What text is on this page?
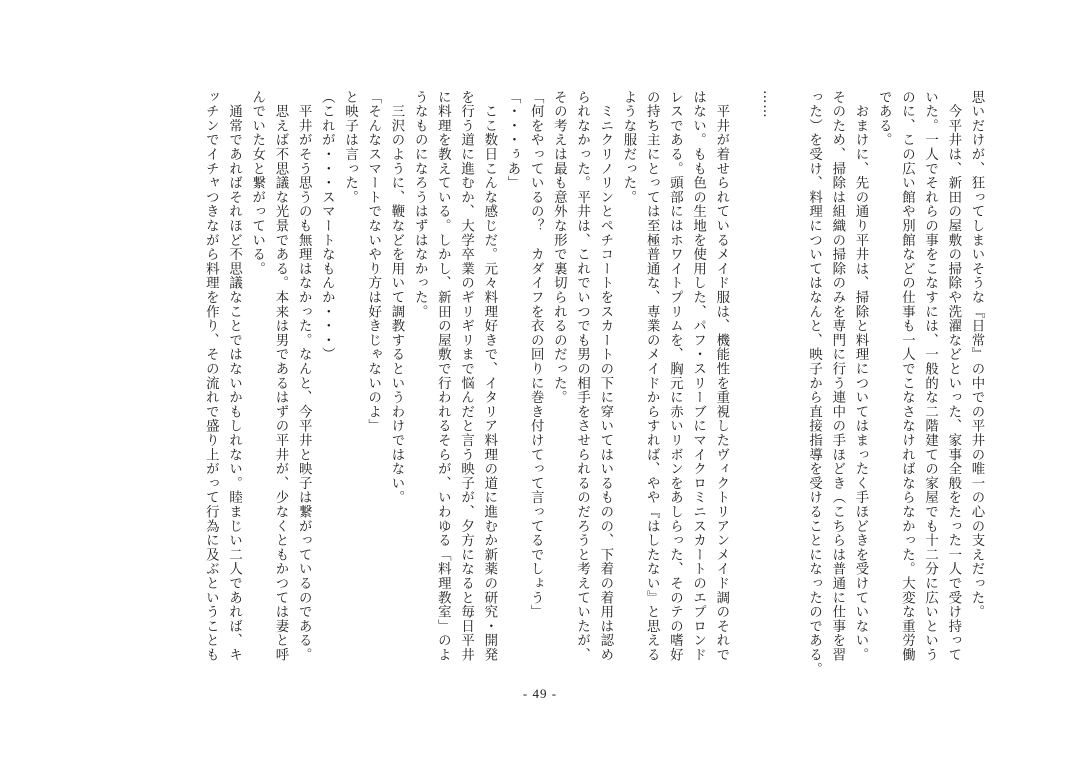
思いだけが、狂ってしまいそうな『日常』の中での平井の唯一の心の支えだった。
　今平井は、新田の屋敷の掃除や洗濯などといった、家事全般をたった一人で受け持って
いた。一人でそれらの事をこなすには、一般的な二階建ての家屋でも十二分に広いという
のに、この広い館や別館などの仕事も一人でこなさなければならなかった。大変な重労働
である。
　おまけに、先の通り平井は、掃除と料理についてはまったく手ほどきを受けていない。
そのため、掃除は組織の掃除のみを専門に行う連中の手ほどき（こちらは普通に仕事を習
った）を受け、料理についてはなんと、映子から直接指導を受けることになったのである。
……
　平井が着せられているメイド服は、機能性を重視したヴィクトリアンメイド調のそれで
はない。もも色の生地を使用した、パフ・スリーブにマイクロミニスカートのエプロンド
レスである。頭部にはホワイトプリムを、胸元に赤いリボンをあしらった、そのテの嗜好
の持ち主にとっては至極普通な、専業のメイドからすれば、やや『はしたない』と思える
ような服だった。
　ミニクリノリンとペチコートをスカートの下に穿いてはいるものの、下着の着用は認め
られなかった。平井は、これでいつでも男の相手をさせられるのだろうと考えていたが、
その考えは最も意外な形で裏切られるのだった。
「何をやっているの？　カダイフを衣の回りに巻き付けてって言ってるでしょう」
「・・・ぅあ」
　ここ数日こんな感じだ。元々料理好きで、イタリア料理の道に進むか新薬の研究・開発
を行う道に進むか、大学卒業のギリギリまで悩んだと言う映子が、夕方になると毎日平井
に料理を教えている。しかし、新田の屋敷で行われるそらが、いわゆる「料理教室」のよ
うなものになろうはずはなかった。
　三沢のように、鞭などを用いて調教するというわけではない。
「そんなスマートでないやり方は好きじゃないのよ」
と映子は言った。
（これが・・・スマートなもんか・・・）
　平井がそう思うのも無理はなかった。なんと、今平井と映子は繋がっているのである。
　思えば不思議な光景である。本来は男であるはずの平井が、少なくともかつては妻と呼
んでいた女と繋がっている。
　通常であればそれほど不思議なことではないかもしれない。睦まじい二人であれば、キ
ッチンでイチャつきながら料理を作り、その流れで盛り上がって行為に及ぶということも
- 49 -
